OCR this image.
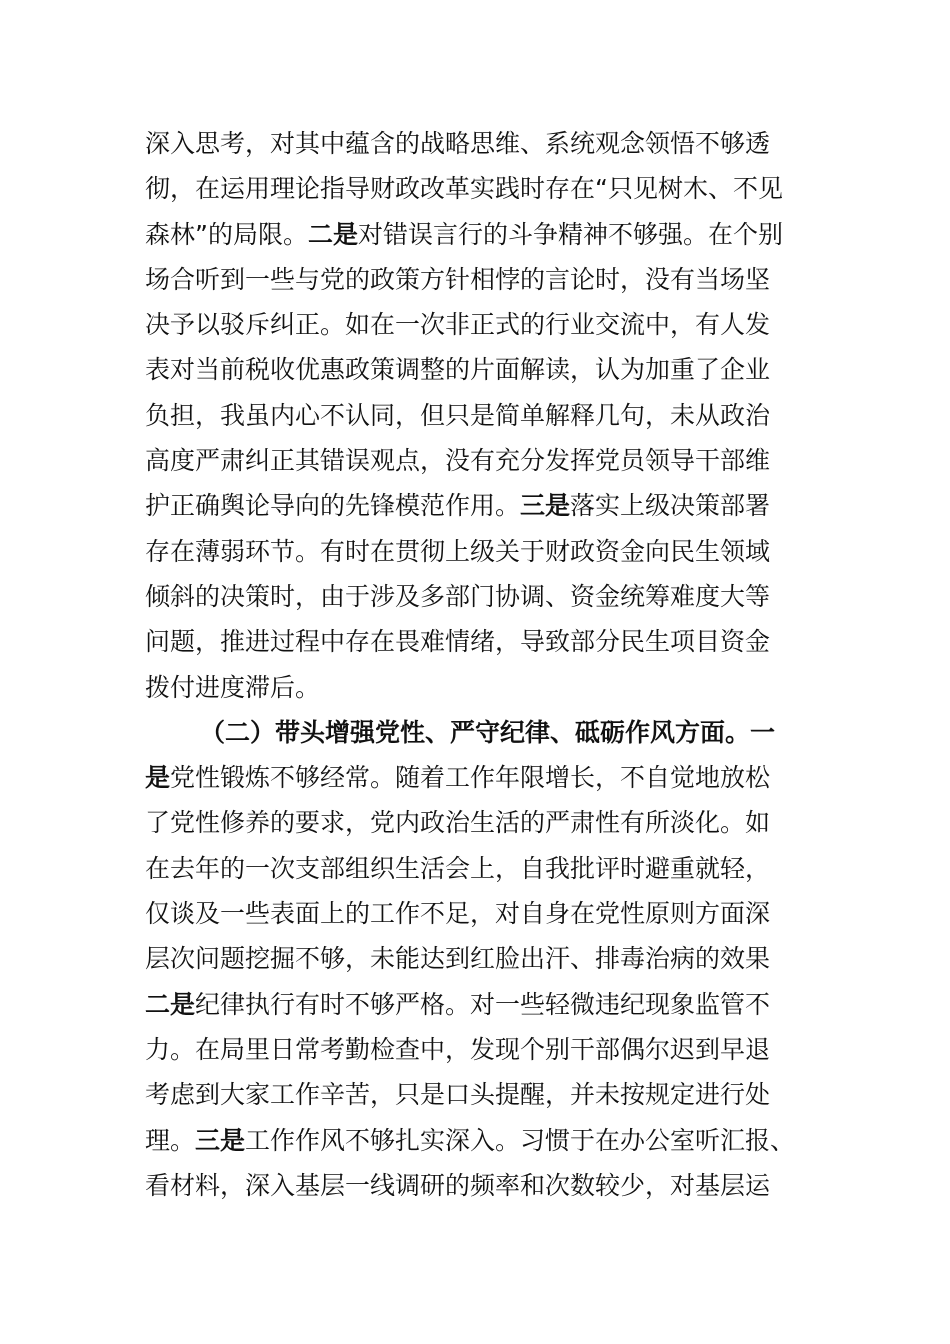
深入思考，对其中蕴含的战略思维、系统观念领悟不够透
彻，在运用理论指导财政改革实践时存在“只见树木、不见
森林”的局限。二是对错误言行的斗争精神不够强。在个别
场合听到一些与党的政策方针相悖的言论时，没有当场坚
决予以驳斥纠正。如在一次非正式的行业交流中，有人发
表对当前税收优惠政策调整的片面解读，认为加重了企业
负担，我虽内心不认同，但只是简单解释几句，未从政治
高度严肃纠正其错误观点，没有充分发挥党员领导干部维
护正确舆论导向的先锋模范作用。三是落实上级决策部署
存在薄弱环节。有时在贯彻上级关于财政资金向民生领域
倾斜的决策时，由于涉及多部门协调、资金统筹难度大等
问题，推进过程中存在畏难情绪，导致部分民生项目资金
拨付进度滞后。
（二）带头增强党性、严守纪律、砥砺作风方面。一
是党性锻炼不够经常。随着工作年限增长，不自觉地放松
了党性修养的要求，党内政治生活的严肃性有所淡化。如
在去年的一次支部组织生活会上，自我批评时避重就轻，
仅谈及一些表面上的工作不足，对自身在党性原则方面深
层次问题挖掘不够，未能达到红脸出汗、排毒治病的效果
二是纪律执行有时不够严格。对一些轻微违纪现象监管不
力。在局里日常考勤检查中，发现个别干部偶尔迟到早退
考虑到大家工作辛苦，只是口头提醒，并未按规定进行处
理。三是工作作风不够扎实深入。习惯于在办公室听汇报、
看材料，深入基层一线调研的频率和次数较少，对基层运
